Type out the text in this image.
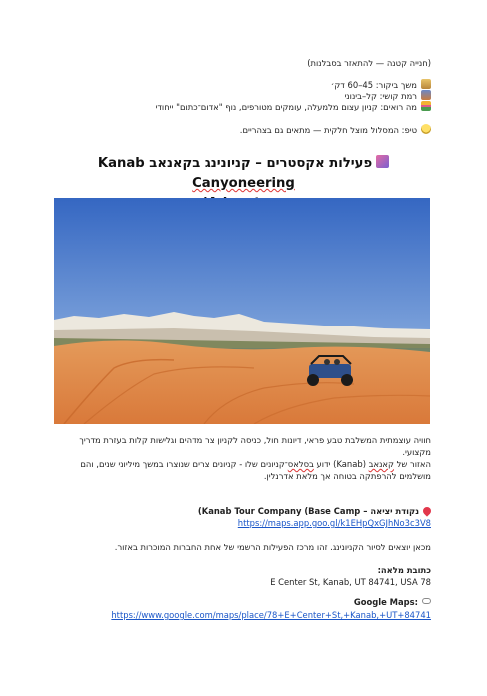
(חנייה קטנה — להתאזר בסבלנות)
משך ביקור: 45–60 דק׳
רמת קושי: קל–בינוני
מה רואים: קניון עצום מלמעלה, עומקים מטורפים, נוף "אדום־כתום" ייחודי
טיפ: המסלול מוצל חלקית — מתאים גם בצהריים.
פעילות אקסטרים – קניונינג בקאנאב Kanab Canyoneering

חוויה עוצמתית המשלבת טבע פראי, דיונות חול, כניסה לקניון צר מדהים וגלישות קלות בעזרת מדריך
מקצועי.
האזור של קאנאב (Kanab) ידוע בסלאס־קניונים שלו - קניונים צרים שנוצרו במשך מיליוני שנים, והם
מושלמים להרפתקה בטוחה אך מלאת אדרנלין.
נקודת יציאה – (Kanab Tour Company (Base Camp
https://maps.app.goo.gl/k1EHpQxGJhNo3c3V8
מכאן יוצאים לסיור הקניונינג. זהו מרכז הפעילות הרשמי של אחת החברות המוכרות באזור.
כתובת מלאה:
E Center St, Kanab, UT 84741, USA 78
Google Maps:
https://www.google.com/maps/place/78+E+Center+St,+Kanab,+UT+84741
